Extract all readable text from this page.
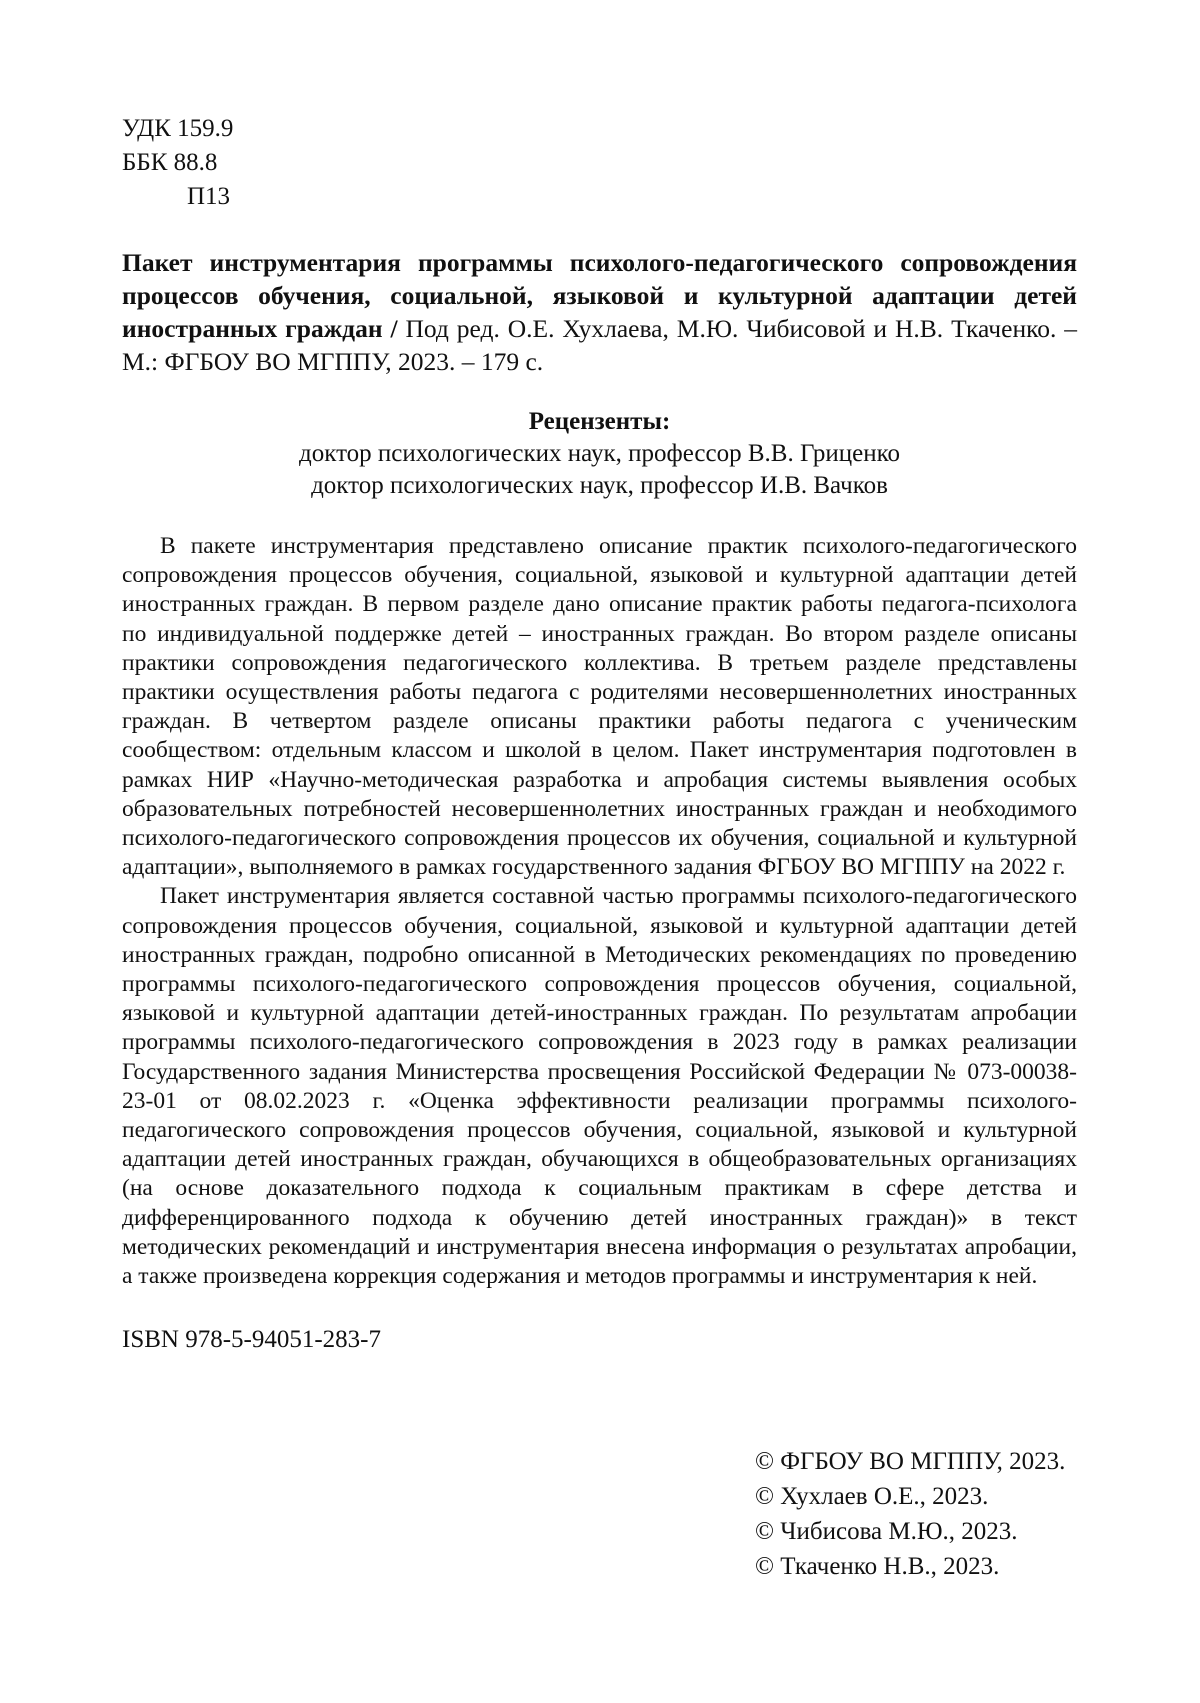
УДК 159.9
ББК 88.8
П13
Пакет инструментария программы психолого-педагогического сопровождения процессов обучения, социальной, языковой и культурной адаптации детей иностранных граждан / Под ред. О.Е. Хухлаева, М.Ю. Чибисовой и Н.В. Ткаченко. – М.: ФГБОУ ВО МГППУ, 2023. – 179 с.
Рецензенты:
доктор психологических наук, профессор В.В. Гриценко
доктор психологических наук, профессор И.В. Вачков

В пакете инструментария представлено описание практик психолого-педагогического сопровождения процессов обучения, социальной, языковой и культурной адаптации детей иностранных граждан. В первом разделе дано описание практик работы педагога-психолога по индивидуальной поддержке детей – иностранных граждан. Во втором разделе описаны практики сопровождения педагогического коллектива. В третьем разделе представлены практики осуществления работы педагога с родителями несовершеннолетних иностранных граждан. В четвертом разделе описаны практики работы педагога с ученическим сообществом: отдельным классом и школой в целом. Пакет инструментария подготовлен в рамках НИР «Научно-методическая разработка и апробация системы выявления особых образовательных потребностей несовершеннолетних иностранных граждан и необходимого психолого-педагогического сопровождения процессов их обучения, социальной и культурной адаптации», выполняемого в рамках государственного задания ФГБОУ ВО МГППУ на 2022 г.

Пакет инструментария является составной частью программы психолого-педагогического сопровождения процессов обучения, социальной, языковой и культурной адаптации детей иностранных граждан, подробно описанной в Методических рекомендациях по проведению программы психолого-педагогического сопровождения процессов обучения, социальной, языковой и культурной адаптации детей-иностранных граждан. По результатам апробации программы психолого-педагогического сопровождения в 2023 году в рамках реализации Государственного задания Министерства просвещения Российской Федерации № 073-00038-23-01 от 08.02.2023 г. «Оценка эффективности реализации программы психолого-педагогического сопровождения процессов обучения, социальной, языковой и культурной адаптации детей иностранных граждан, обучающихся в общеобразовательных организациях (на основе доказательного подхода к социальным практикам в сфере детства и дифференцированного подхода к обучению детей иностранных граждан)» в текст методических рекомендаций и инструментария внесена информация о результатах апробации, а также произведена коррекция содержания и методов программы и инструментария к ней.

ISBN 978-5-94051-283-7
© ФГБОУ ВО МГППУ, 2023.
© Хухлаев О.Е., 2023.
© Чибисова М.Ю., 2023.
© Ткаченко Н.В., 2023.
